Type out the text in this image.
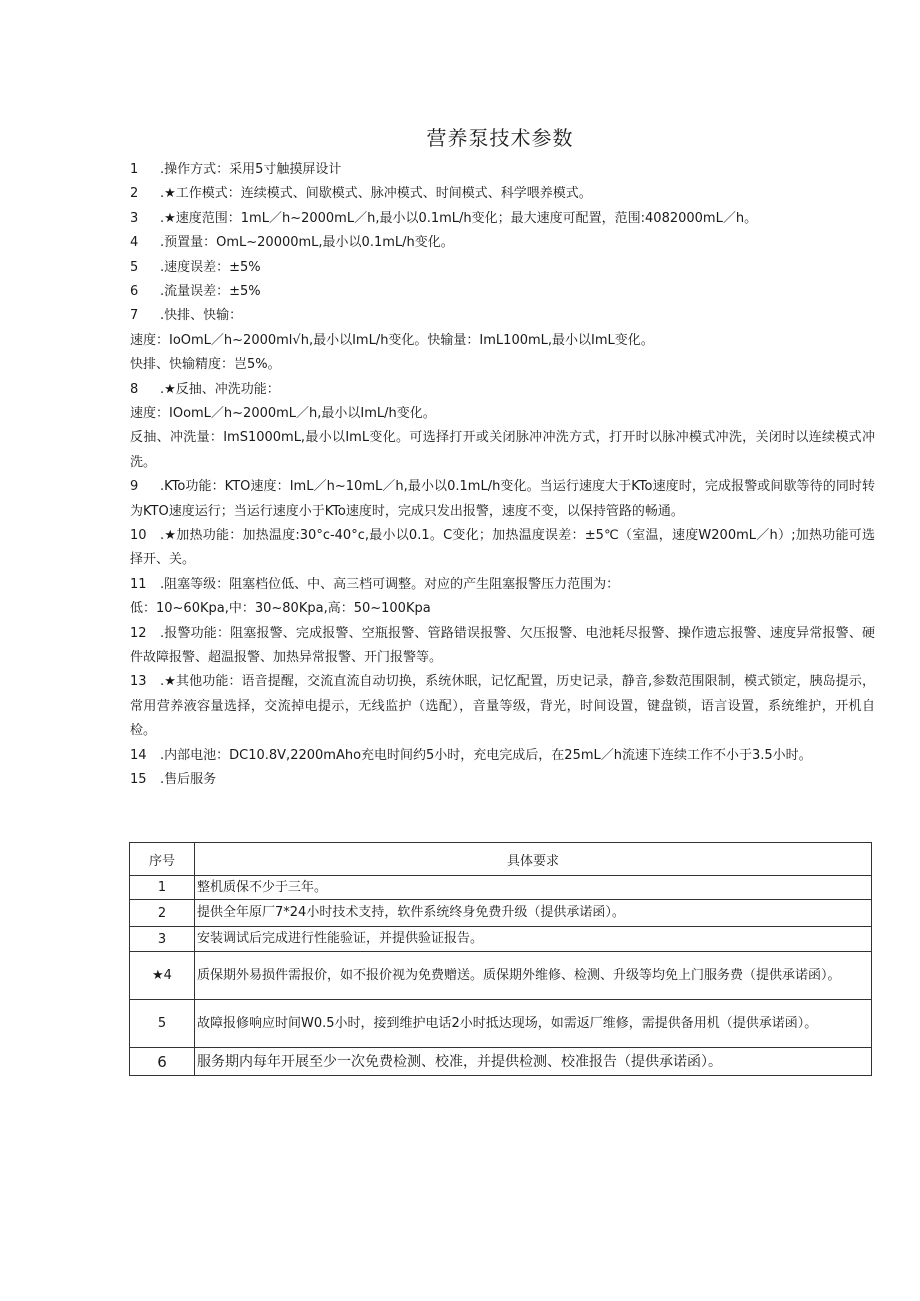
营养泵技术参数
1 .操作方式：采用5寸触摸屏设计
2 .★工作模式：连续模式、间歇模式、脉冲模式、时间模式、科学喂养模式。
3 .★速度范围：1mL／h~2000mL／h,最小以0.1mL/h变化；最大速度可配置，范围:4082000mL／h。
4 .预置量：OmL~20000mL,最小以0.1mL/h变化。
5 .速度误差：±5%
6 .流量误差：±5%
7 .快排、快输：
速度：IoOmL／h~2000ml√h,最小以ImL/h变化。快输量：ImL100mL,最小以ImL变化。
快排、快输精度：岂5%。
8 .★反抽、冲洗功能：
速度：IOomL／h~2000mL／h,最小以ImL/h变化。
反抽、冲洗量：ImS1000mL,最小以ImL变化。可选择打开或关闭脉冲冲洗方式，打开时以脉冲模式冲洗，关闭时以连续模式冲洗。
9 .KTo功能：KTO速度：ImL／h~10mL／h,最小以0.1mL/h变化。当运行速度大于KTo速度时，完成报警或间歇等待的同时转为KTO速度运行；当运行速度小于KTo速度时，完成只发出报警，速度不变，以保持管路的畅通。
10 .★加热功能：加热温度:30°c-40°c,最小以0.1。C变化；加热温度误差：±5℃（室温，速度W200mL／h）;加热功能可选择开、关。
11 .阻塞等级：阻塞档位低、中、高三档可调整。对应的产生阻塞报警压力范围为：
低：10~60Kpa,中：30~80Kpa,高：50~100Kpa
12 .报警功能：阻塞报警、完成报警、空瓶报警、管路错误报警、欠压报警、电池耗尽报警、操作遗忘报警、速度异常报警、硬件故障报警、超温报警、加热异常报警、开门报警等。
13 .★其他功能：语音提醒，交流直流自动切换，系统休眠，记忆配置，历史记录，静音,参数范围限制，模式锁定，胰岛提示，常用营养液容量选择，交流掉电提示，无线监护（选配），音量等级，背光，时间设置，键盘锁，语言设置，系统维护，开机自检。
14 .内部电池：DC10.8V,2200mAho充电时间约5小时，充电完成后，在25mL／h流速下连续工作不小于3.5小时。
15 .售后服务
序号	具体要求
1	整机质保不少于三年。
2	提供全年原厂7*24小时技术支持，软件系统终身免费升级（提供承诺函）。
3	安装调试后完成进行性能验证，并提供验证报告。
★4	质保期外易损件需报价，如不报价视为免费赠送。质保期外维修、检测、升级等均免上门服务费（提供承诺函）。
5	故障报修响应时间W0.5小时，接到维护电话2小时抵达现场，如需返厂维修，需提供备用机（提供承诺函）。
6	服务期内每年开展至少一次免费检测、校准，并提供检测、校准报告（提供承诺函）。
